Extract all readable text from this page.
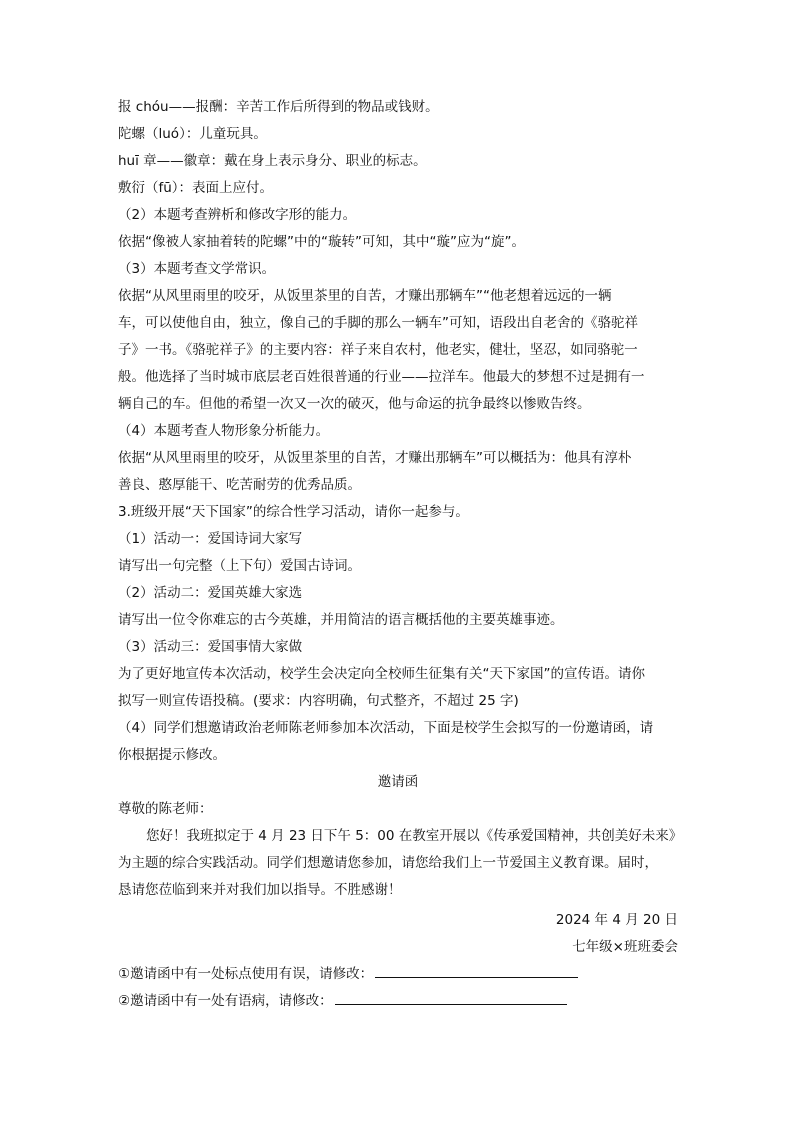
报 chóu——报酬：辛苦工作后所得到的物品或钱财。
陀螺（luó）：儿童玩具。
huī 章——徽章：戴在身上表示身分、职业的标志。
敷衍（fū）：表面上应付。
（2）本题考查辨析和修改字形的能力。
依据“像被人家抽着转的陀螺”中的“璇转”可知，其中“璇”应为“旋”。
（3）本题考查文学常识。
依据“从风里雨里的咬牙，从饭里茶里的自苦，才赚出那辆车”“他老想着远远的一辆
车，可以使他自由，独立，像自己的手脚的那么一辆车”可知，语段出自老舍的《骆驼祥
子》一书。《骆驼祥子》的主要内容：祥子来自农村，他老实，健壮，坚忍，如同骆驼一
般。他选择了当时城市底层老百姓很普通的行业——拉洋车。他最大的梦想不过是拥有一
辆自己的车。但他的希望一次又一次的破灭，他与命运的抗争最终以惨败告终。
（4）本题考查人物形象分析能力。
依据“从风里雨里的咬牙，从饭里茶里的自苦，才赚出那辆车”可以概括为：他具有淳朴
善良、憨厚能干、吃苦耐劳的优秀品质。
3.班级开展“天下国家”的综合性学习活动，请你一起参与。
（1）活动一：爱国诗词大家写
请写出一句完整（上下句）爱国古诗词。
（2）活动二：爱国英雄大家选
请写出一位令你难忘的古今英雄，并用简洁的语言概括他的主要英雄事迹。
（3）活动三：爱国事情大家做
为了更好地宣传本次活动，校学生会决定向全校师生征集有关“天下家国”的宣传语。请你
拟写一则宣传语投稿。(要求：内容明确，句式整齐，不超过 25 字)
（4）同学们想邀请政治老师陈老师参加本次活动，下面是校学生会拟写的一份邀请函，请
你根据提示修改。
邀请函
尊敬的陈老师：
您好！我班拟定于 4 月 23 日下午 5：00 在教室开展以《传承爱国精神，共创美好未来》
为主题的综合实践活动。同学们想邀请您参加，请您给我们上一节爱国主义教育课。届时，
恳请您莅临到来并对我们加以指导。不胜感谢！
2024 年 4 月 20 日
七年级×班班委会
①邀请函中有一处标点使用有误，请修改：
②邀请函中有一处有语病，请修改：
